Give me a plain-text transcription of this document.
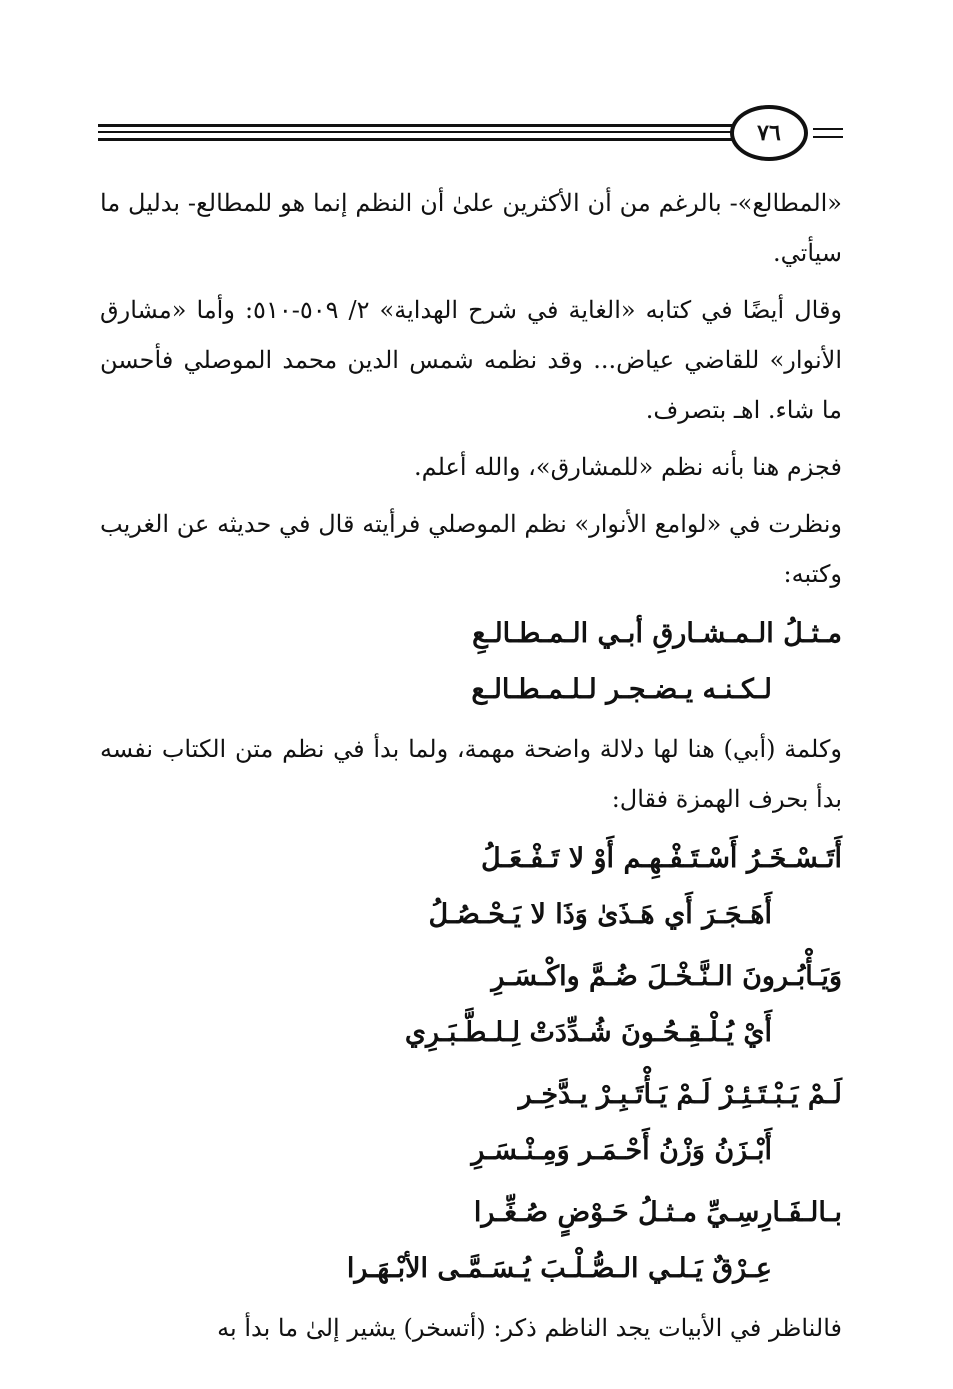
٧٦

«المطالع»- بالرغم من أن الأكثرين علىٰ أن النظم إنما هو للمطالع- بدليل ما سيأتي.

وقال أيضًا في كتابه «الغاية في شرح الهداية» ٢/ ٥٠٩-٥١٠: وأما «مشارق الأنوار» للقاضي عياض... وقد نظمه شمس الدين محمد الموصلي فأحسن ما شاء. اهـ بتصرف.

فجزم هنا بأنه نظم «للمشارق»، والله أعلم.

ونظرت في «لوامع الأنوار» نظم الموصلي فرأيته قال في حديثه عن الغريب وكتبه:

مـثـلُ الـمـشـارقِ أبـي الـمـطـالـعِ
لـكـنـه يـضـجـر لـلـمـطـالـع

وكلمة (أبي) هنا لها دلالة واضحة مهمة، ولما بدأ في نظم متن الكتاب نفسه بدأ بحرف الهمزة فقال:

أَتَـسْـخَـرُ أَسْـتَـفْـهِـم أَوْ لا تَـفْـعَـلُ
أَهَـجَـرَ أَي هَـذَىٰ وَذَا لا يَـحْـصُـلُ
وَيَـأْبُـرونَ الـنَّـخْـلَ ضُـمَّ واكْـسَـرِ
أَيْ يُـلْـقِـحُـونَ شُـدِّدَتْ لِـلـطَّـبَـرِي
لَـمْ يَـبْـتَـئِـرْ لَـمْ يَـأْتَـبِـرْ يـدَّخِـر
أَبْـزَنُ وَزْنُ أَحْـمَـر وَمِـنْـسَـرِ
بـالـفَـارِسِـيِّ مـثـلُ حَـوْضٍ صُـغِّـرا
عِـرْقٌ يَـلـي الـصُّـلْـبَ يُـسَـمَّـى الأبْـهَـرا

فالناظر في الأبيات يجد الناظم ذكر: (أتسخر) يشير إلىٰ ما بدأ به
